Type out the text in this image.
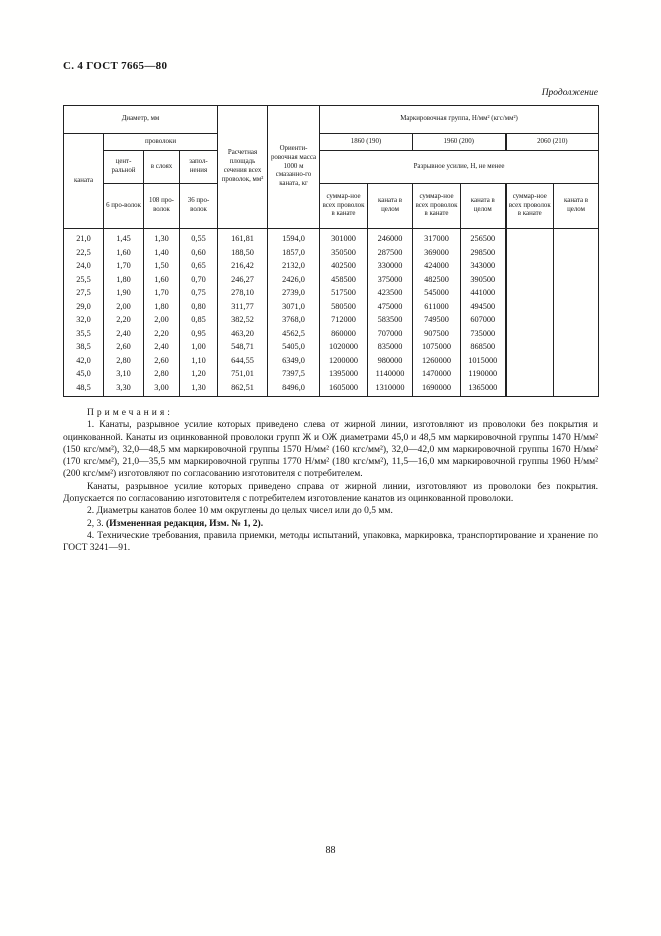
С. 4 ГОСТ 7665—80
Продолжение
Диаметр, мм				Расчетная площадь сечения всех проволок, мм²	Ориенти-ровочная масса 1000 м смазанно-го каната, кг	Маркировочная группа, Н/мм² (кгс/мм²)					
каната	проволоки					1860 (190)		1960 (200)		2060 (210)	
	цент-ральной	в слоях	запол-нения			Разрывное усилие, Н, не менее					
	6 про-волок	108 про-волок	36 про-волок			суммар-ное всех проволок в канате	каната в целом	суммар-ное всех проволок в канате	каната в целом	суммар-ное всех проволок в канате	каната в целом
21,0	1,45	1,30	0,55	161,81	1594,0	301000	246000	317000	256500		
22,5	1,60	1,40	0,60	188,50	1857,0	350500	287500	369000	298500		
24,0	1,70	1,50	0,65	216,42	2132,0	402500	330000	424000	343000		
25,5	1,80	1,60	0,70	246,27	2426,0	458500	375000	482500	390500		
27,5	1,90	1,70	0,75	278,10	2739,0	517500	423500	545000	441000		
29,0	2,00	1,80	0,80	311,77	3071,0	580500	475000	611000	494500		
32,0	2,20	2,00	0,85	382,52	3768,0	712000	583500	749500	607000		
35,5	2,40	2,20	0,95	463,20	4562,5	860000	707000	907500	735000		
38,5	2,60	2,40	1,00	548,71	5405,0	1020000	835000	1075000	868500		
42,0	2,80	2,60	1,10	644,55	6349,0	1200000	980000	1260000	1015000		
45,0	3,10	2,80	1,20	751,01	7397,5	1395000	1140000	1470000	1190000		
48,5	3,30	3,00	1,30	862,51	8496,0	1605000	1310000	1690000	1365000		
Примечания:

1. Канаты, разрывное усилие которых приведено слева от жирной линии, изготовляют из проволоки без покрытия и оцинкованной. Канаты из оцинкованной проволоки групп Ж и ОЖ диаметрами 45,0 и 48,5 мм маркировочной группы 1470 Н/мм² (150 кгс/мм²), 32,0—48,5 мм маркировочной группы 1570 Н/мм² (160 кгс/мм²), 32,0—42,0 мм маркировочной группы 1670 Н/мм² (170 кгс/мм²), 21,0—35,5 мм маркировочной группы 1770 Н/мм² (180 кгс/мм²), 11,5—16,0 мм маркировочной группы 1960 Н/мм² (200 кгс/мм²) изготовляют по согласованию изготовителя с потребителем.

Канаты, разрывное усилие которых приведено справа от жирной линии, изготовляют из проволоки без покрытия. Допускается по согласованию изготовителя с потребителем изготовление канатов из оцинкованной проволоки.

2. Диаметры канатов более 10 мм округлены до целых чисел или до 0,5 мм.

2, 3. (Измененная редакция, Изм. № 1, 2).

4. Технические требования, правила приемки, методы испытаний, упаковка, маркировка, транспортирование и хранение по ГОСТ 3241—91.

88
